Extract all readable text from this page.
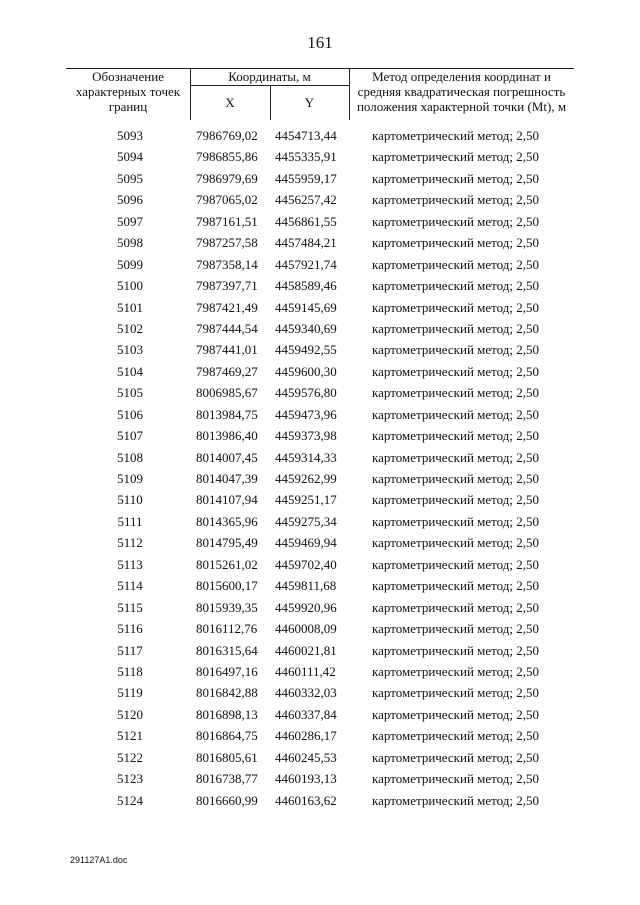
161
Обозначение
характерных точек
границ
Координаты, м
X	Y
Метод определения координат и
средняя квадратическая погрешность
положения характерной точки (Mt), м
5093	7986769,02	4454713,44	картометрический метод; 2,50
5094	7986855,86	4455335,91	картометрический метод; 2,50
5095	7986979,69	4455959,17	картометрический метод; 2,50
5096	7987065,02	4456257,42	картометрический метод; 2,50
5097	7987161,51	4456861,55	картометрический метод; 2,50
5098	7987257,58	4457484,21	картометрический метод; 2,50
5099	7987358,14	4457921,74	картометрический метод; 2,50
5100	7987397,71	4458589,46	картометрический метод; 2,50
5101	7987421,49	4459145,69	картометрический метод; 2,50
5102	7987444,54	4459340,69	картометрический метод; 2,50
5103	7987441,01	4459492,55	картометрический метод; 2,50
5104	7987469,27	4459600,30	картометрический метод; 2,50
5105	8006985,67	4459576,80	картометрический метод; 2,50
5106	8013984,75	4459473,96	картометрический метод; 2,50
5107	8013986,40	4459373,98	картометрический метод; 2,50
5108	8014007,45	4459314,33	картометрический метод; 2,50
5109	8014047,39	4459262,99	картометрический метод; 2,50
5110	8014107,94	4459251,17	картометрический метод; 2,50
5111	8014365,96	4459275,34	картометрический метод; 2,50
5112	8014795,49	4459469,94	картометрический метод; 2,50
5113	8015261,02	4459702,40	картометрический метод; 2,50
5114	8015600,17	4459811,68	картометрический метод; 2,50
5115	8015939,35	4459920,96	картометрический метод; 2,50
5116	8016112,76	4460008,09	картометрический метод; 2,50
5117	8016315,64	4460021,81	картометрический метод; 2,50
5118	8016497,16	4460111,42	картометрический метод; 2,50
5119	8016842,88	4460332,03	картометрический метод; 2,50
5120	8016898,13	4460337,84	картометрический метод; 2,50
5121	8016864,75	4460286,17	картометрический метод; 2,50
5122	8016805,61	4460245,53	картометрический метод; 2,50
5123	8016738,77	4460193,13	картометрический метод; 2,50
5124	8016660,99	4460163,62	картометрический метод; 2,50
291127A1.doc
